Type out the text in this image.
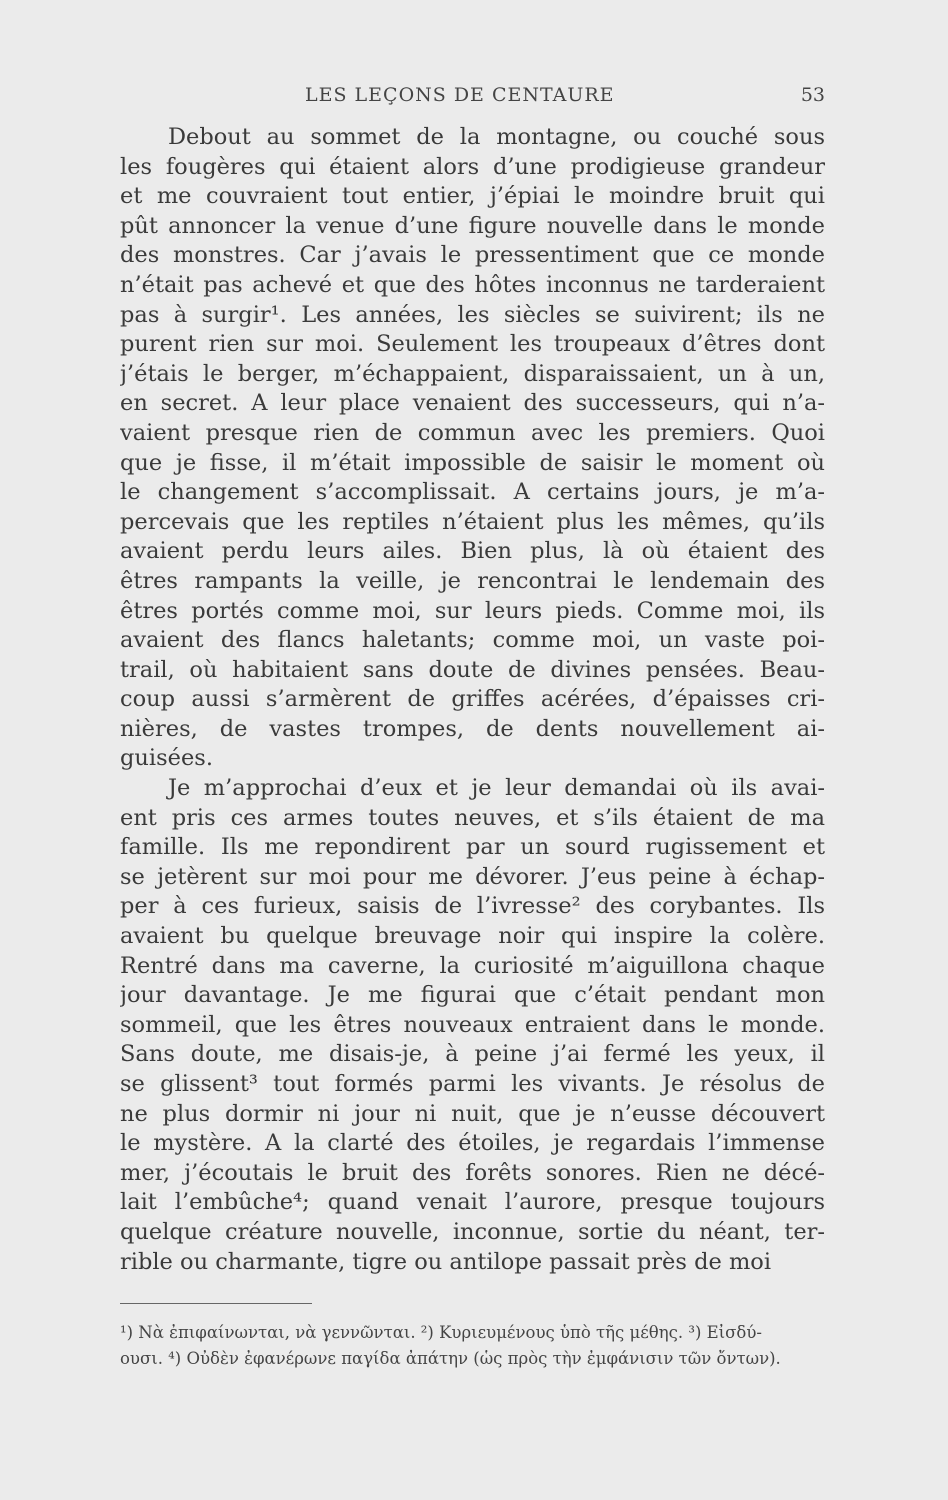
LES LEÇONS DE CENTAURE	53
Debout au sommet de la montagne, ou couché sous
les fougères qui étaient alors d’une prodigieuse grandeur
et me couvraient tout entier, j’épiai le moindre bruit qui
pût annoncer la venue d’une figure nouvelle dans le monde
des monstres. Car j’avais le pressentiment que ce monde
n’était pas achevé et que des hôtes inconnus ne tarderaient
pas à surgir¹. Les années, les siècles se suivirent; ils ne
purent rien sur moi. Seulement les troupeaux d’êtres dont
j’étais le berger, m’échappaient, disparaissaient, un à un,
en secret. A leur place venaient des successeurs, qui n’a-
vaient presque rien de commun avec les premiers. Quoi
que je fisse, il m’était impossible de saisir le moment où
le changement s’accomplissait. A certains jours, je m’a-
percevais que les reptiles n’étaient plus les mêmes, qu’ils
avaient perdu leurs ailes. Bien plus, là où étaient des
êtres rampants la veille, je rencontrai le lendemain des
êtres portés comme moi, sur leurs pieds. Comme moi, ils
avaient des flancs haletants; comme moi, un vaste poi-
trail, où habitaient sans doute de divines pensées. Beau-
coup aussi s’armèrent de griffes acérées, d’épaisses cri-
nières, de vastes trompes, de dents nouvellement ai-
guisées.
Je m’approchai d’eux et je leur demandai où ils avai-
ent pris ces armes toutes neuves, et s’ils étaient de ma
famille. Ils me repondirent par un sourd rugissement et
se jetèrent sur moi pour me dévorer. J’eus peine à échap-
per à ces furieux, saisis de l’ivresse² des corybantes. Ils
avaient bu quelque breuvage noir qui inspire la colère.
Rentré dans ma caverne, la curiosité m’aiguillona chaque
jour davantage. Je me figurai que c’était pendant mon
sommeil, que les êtres nouveaux entraient dans le monde.
Sans doute, me disais-je, à peine j’ai fermé les yeux, il
se glissent³ tout formés parmi les vivants. Je résolus de
ne plus dormir ni jour ni nuit, que je n’eusse découvert
le mystère. A la clarté des étoiles, je regardais l’immense
mer, j’écoutais le bruit des forêts sonores. Rien ne décé-
lait l’embûche⁴; quand venait l’aurore, presque toujours
quelque créature nouvelle, inconnue, sortie du néant, ter-
rible ou charmante, tigre ou antilope passait près de moi
¹) Νὰ ἐπιφαίνωνται, νὰ γεννῶνται. ²) Κυριευμένους ὑπὸ τῆς μέθης. ³) Εἰσδύ-
ουσι. ⁴) Οὐδὲν ἐφανέρωνε παγίδα ἀπάτην (ὡς πρὸς τὴν ἐμφάνισιν τῶν ὄντων).
